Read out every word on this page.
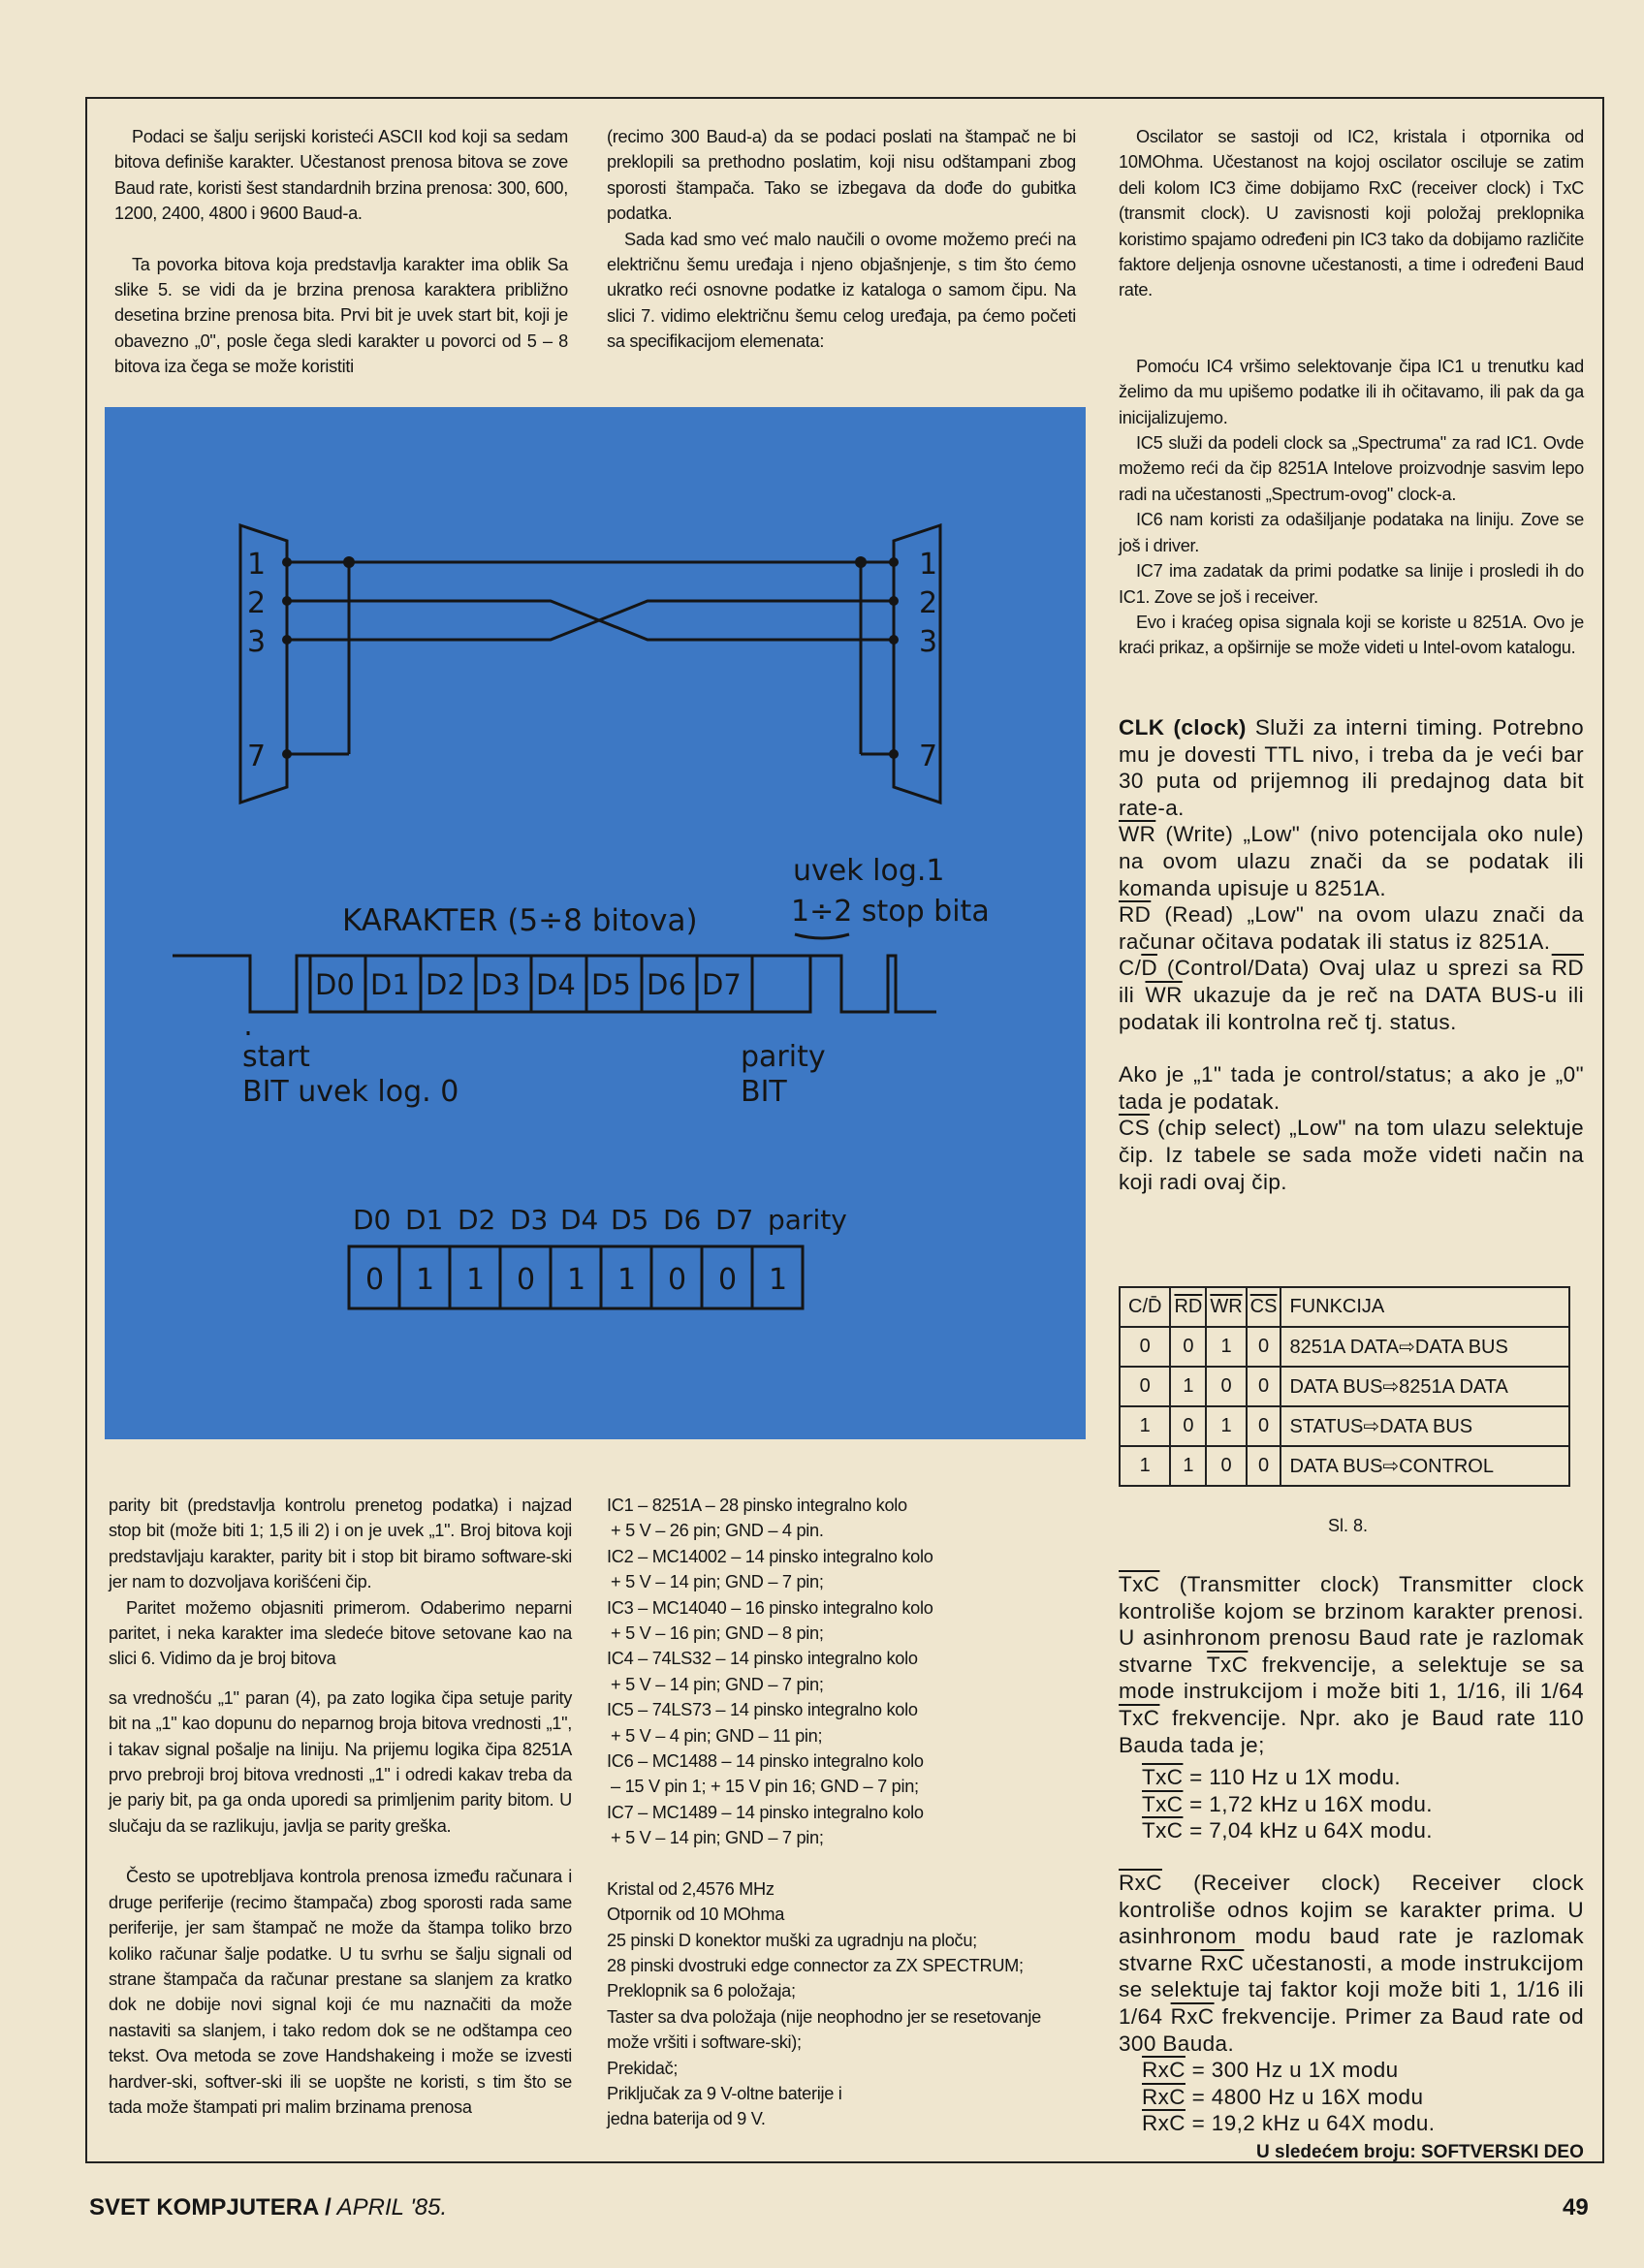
Podaci se šalju serijski koristeći ASCII kod koji sa sedam bitova definiše karakter. Učestanost prenosa bitova se zove Baud rate, koristi šest standardnih brzina prenosa: 300, 600, 1200, 2400, 4800 i 9600 Baud-a.

Ta povorka bitova koja predstavlja karakter ima oblik Sa slike 5. se vidi da je brzina prenosa karaktera približno desetina brzine prenosa bita. Prvi bit je uvek start bit, koji je obavezno „0", posle čega sledi karakter u povorci od 5 – 8 bitova iza čega se može koristiti

(recimo 300 Baud-a) da se podaci poslati na štampač ne bi preklopili sa prethodno poslatim, koji nisu odštampani zbog sporosti štampača. Tako se izbegava da dođe do gubitka podatka.

Sada kad smo već malo naučili o ovome možemo preći na električnu šemu uređaja i njeno objašnjenje, s tim što ćemo ukratko reći osnovne podatke iz kataloga o samom čipu. Na slici 7. vidimo električnu šemu celog uređaja, pa ćemo početi sa specifikacijom elemenata:

Oscilator se sastoji od IC2, kristala i otpornika od 10MOhma. Učestanost na kojoj oscilator osciluje se zatim deli kolom IC3 čime dobijamo RxC (receiver clock) i TxC (transmit clock). U zavisnosti koji položaj preklopnika koristimo spajamo određeni pin IC3 tako da dobijamo različite faktore deljenja osnovne učestanosti, a time i određeni Baud rate.

Pomoću IC4 vršimo selektovanje čipa IC1 u trenutku kad želimo da mu upišemo podatke ili ih očitavamo, ili pak da ga inicijalizujemo.

IC5 služi da podeli clock sa „Spectruma" za rad IC1. Ovde možemo reći da čip 8251A Intelove proizvodnje sasvim lepo radi na učestanosti „Spectrum-ovog" clock-a.

IC6 nam koristi za odašiljanje podataka na liniju. Zove se još i driver.

IC7 ima zadatak da primi podatke sa linije i prosledi ih do IC1. Zove se još i receiver.

Evo i kraćeg opisa signala koji se koriste u 8251A. Ovo je kraći prikaz, a opširnije se može videti u Intel-ovom katalogu.

CLK (clock) Služi za interni timing. Potrebno mu je dovesti TTL nivo, i treba da je veći bar 30 puta od prijemnog ili predajnog data bit rate-a.

$\overline{WR}$ (Write) „Low" (nivo potencijala oko nule) na ovom ulazu znači da se podatak ili komanda upisuje u 8251A.

$\overline{RD}$ (Read) „Low" na ovom ulazu znači da računar očitava podatak ili status iz 8251A.

$C/\overline{D}$ (Control/Data) Ovaj ulaz u sprezi sa $\overline{RD}$ ili $\overline{WR}$ ukazuje da je reč na DATA BUS-u ili podatak ili kontrolna reč tj. status.

Ako je „1" tada je control/status; a ako je „0" tada je podatak.

$\overline{CS}$ (chip select) „Low" na tom ulazu selektuje čip. Iz tabele se sada može videti način na koji radi ovaj čip.

C/D̄	$\overline{RD}$	$\overline{WR}$	$\overline{CS}$	FUNKCIJA
0	0	1	0	8251A DATA⇨DATA BUS
0	1	0	0	DATA BUS⇨8251A DATA
1	0	1	0	STATUS⇨DATA BUS
1	1	0	0	DATA BUS⇨CONTROL
Sl. 8.

$\overline{TxC}$ (Transmitter clock) Transmitter clock kontroliše kojom se brzinom karakter prenosi. U asinhronom prenosu Baud rate je razlomak stvarne $\overline{TxC}$ frekvencije, a selektuje se sa mode instrukcijom i može biti 1, 1/16, ili 1/64 $\overline{TxC}$ frekvencije. Npr. ako je Baud rate 110 Bauda tada je;

$\overline{TxC} = 110$ Hz u 1X modu.

$\overline{TxC} = 1,72$ kHz u 16X modu.

$\overline{TxC} = 7,04$ kHz u 64X modu.

$\overline{RxC}$ (Receiver clock) Receiver clock kontroliše odnos kojim se karakter prima. U asinhronom modu baud rate je razlomak stvarne $\overline{RxC}$ učestanosti, a mode instrukcijom se selektuje taj faktor koji može biti 1, 1/16 ili 1/64 $\overline{RxC}$ frekvencije. Primer za Baud rate od 300 Bauda.

$\overline{RxC} = 300$ Hz u 1X modu

$\overline{RxC} = 4800$ Hz u 16X modu

$\overline{RxC} = 19,2$ kHz u 64X modu.

U sledećem broju: SOFTVERSKI DEO

parity bit (predstavlja kontrolu prenetog podatka) i najzad stop bit (može biti 1; 1,5 ili 2) i on je uvek „1". Broj bitova koji predstavljaju karakter, parity bit i stop bit biramo software-ski jer nam to dozvoljava korišćeni čip.

Paritet možemo objasniti primerom. Odaberimo neparni paritet, i neka karakter ima sledeće bitove setovane kao na slici 6. Vidimo da je broj bitova

sa vrednošću „1" paran (4), pa zato logika čipa setuje parity bit na „1" kao dopunu do neparnog broja bitova vrednosti „1", i takav signal pošalje na liniju. Na prijemu logika čipa 8251A prvo prebroji broj bitova vrednosti „1" i odredi kakav treba da je pariy bit, pa ga onda uporedi sa primljenim parity bitom. U slučaju da se razlikuju, javlja se parity greška.

Često se upotrebljava kontrola prenosa između računara i druge periferije (recimo štampača) zbog sporosti rada same periferije, jer sam štampač ne može da štampa toliko brzo koliko računar šalje podatke. U tu svrhu se šalju signali od strane štampača da računar prestane sa slanjem za kratko dok ne dobije novi signal koji će mu naznačiti da može nastaviti sa slanjem, i tako redom dok se ne odštampa ceo tekst. Ova metoda se zove Handshakeing i može se izvesti hardver-ski, softver-ski ili se uopšte ne koristi, s tim što se tada može štampati pri malim brzinama prenosa

IC1 – 8251A – 28 pinsko integralno kolo

+ 5 V – 26 pin; GND – 4 pin.

IC2 – MC14002 – 14 pinsko integralno kolo

+ 5 V – 14 pin; GND – 7 pin;

IC3 – MC14040 – 16 pinsko integralno kolo

+ 5 V – 16 pin; GND – 8 pin;

IC4 – 74LS32 – 14 pinsko integralno kolo

+ 5 V – 14 pin; GND – 7 pin;

IC5 – 74LS73 – 14 pinsko integralno kolo

+ 5 V – 4 pin; GND – 11 pin;

IC6 – MC1488 – 14 pinsko integralno kolo

– 15 V pin 1; + 15 V pin 16; GND – 7 pin;

IC7 – MC1489 – 14 pinsko integralno kolo

+ 5 V – 14 pin; GND – 7 pin;

Kristal od 2,4576 MHz

Otpornik od 10 MOhma

25 pinski D konektor muški za ugradnju na ploču;

28 pinski dvostruki edge connector za ZX SPECTRUM;

Preklopnik sa 6 položaja;

Taster sa dva položaja (nije neophodno jer se resetovanje može vršiti i software-ski);

Prekidač;

Priključak za 9 V-oltne baterije i

jedna baterija od 9 V.

1
2
3
7
1
2
3
7
KARAKTER (5÷8 bitova)
uvek log.1
1÷2 stop bita
start
BIT uvek log. 0
parity
BIT
D0 D1 D2 D3 D4 D5 D6 D7
D0 D1 D2 D3 D4 D5 D6 D7 parity
0 1 1 0 1 1 0 0 1
SVET KOMPJUTERA / APRIL '85.	49
